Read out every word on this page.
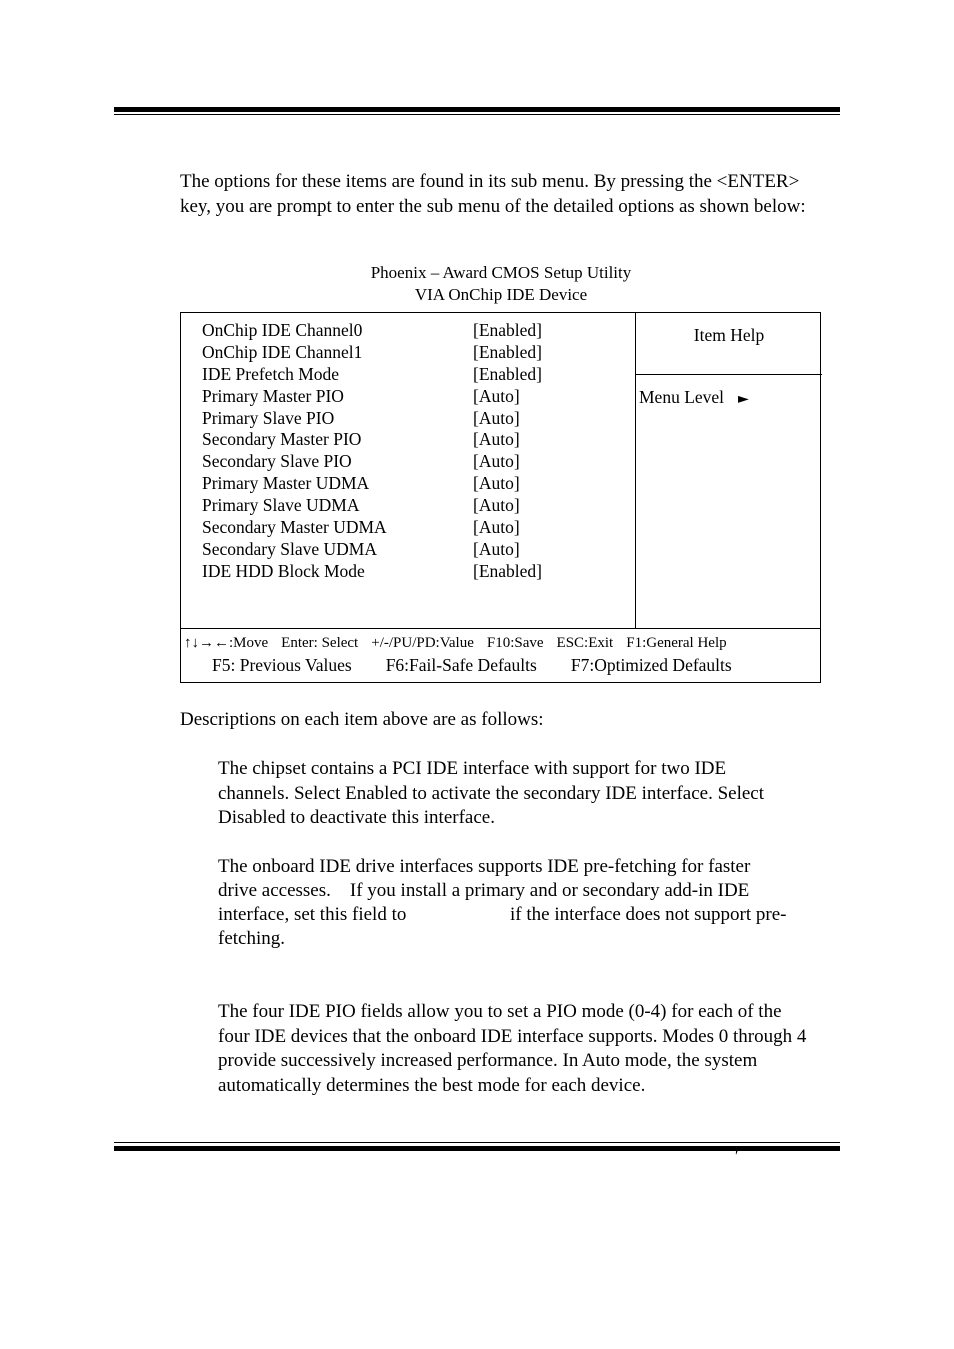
The options for these items are found in its sub menu. By pressing the <ENTER> key, you are prompt to enter the sub menu of the detailed options as shown below:

Phoenix – Award CMOS Setup Utility
VIA OnChip IDE Device
OnChip IDE Channel0	[Enabled]
OnChip IDE Channel1	[Enabled]
IDE Prefetch Mode	[Enabled]
Primary Master PIO	[Auto]
Primary Slave PIO	[Auto]
Secondary Master PIO	[Auto]
Secondary Slave PIO	[Auto]
Primary Master UDMA	[Auto]
Primary Slave UDMA	[Auto]
Secondary Master UDMA	[Auto]
Secondary Slave UDMA	[Auto]
IDE HDD Block Mode	[Enabled]
Item Help
Menu Level ►
↑↓→←:Move Enter: Select +/-/PU/PD:Value F10:Save ESC:Exit F1:General Help
F5: Previous Values F6:Fail-Safe Defaults F7:Optimized Defaults

Descriptions on each item above are as follows:

The chipset contains a PCI IDE interface with support for two IDE channels. Select Enabled to activate the secondary IDE interface. Select Disabled to deactivate this interface.

The onboard IDE drive interfaces supports IDE pre-fetching for faster

drive accesses.    If you install a primary and or secondary add-in IDE

interface, set this field to	if the interface does not support pre-

fetching.

The four IDE PIO fields allow you to set a PIO mode (0-4) for each of the four IDE devices that the onboard IDE interface supports. Modes 0 through 4 provide successively increased performance. In Auto mode, the system automatically determines the best mode for each device.

′
